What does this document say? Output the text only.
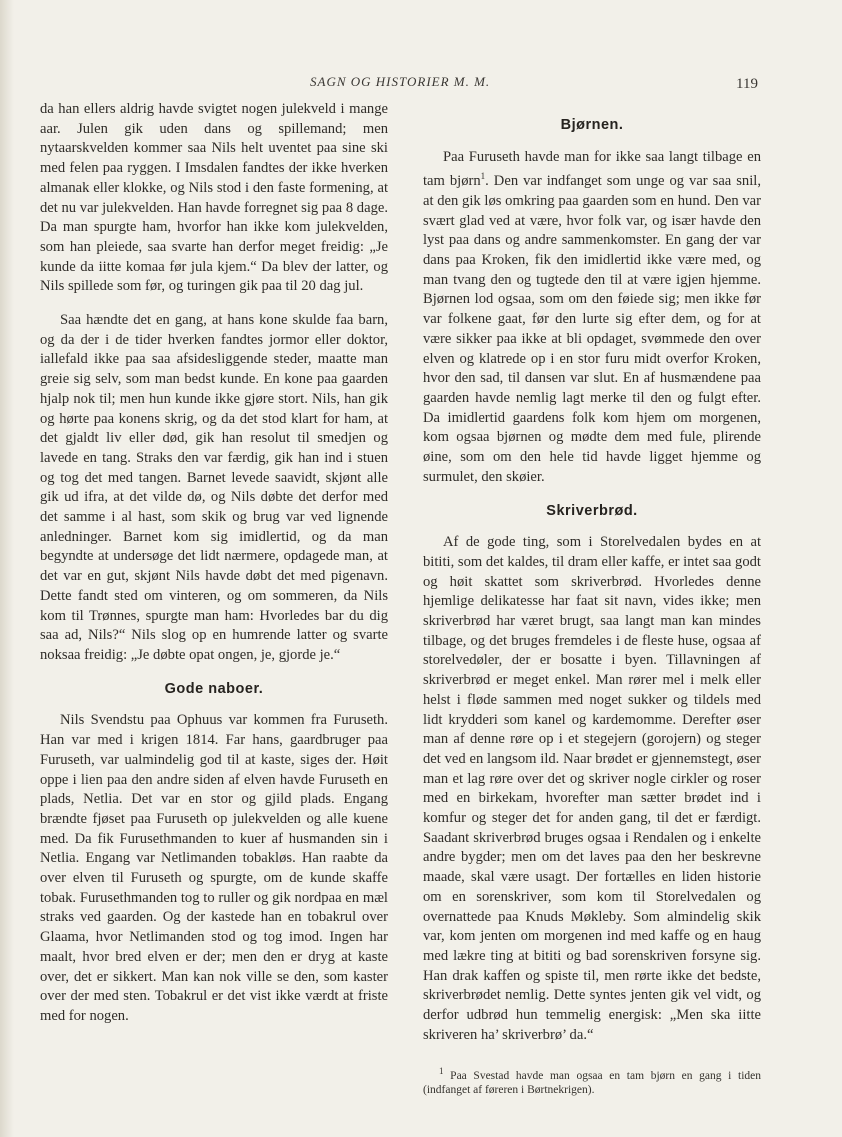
SAGN OG HISTORIER M. M.	119

da han ellers aldrig havde svigtet nogen julekveld i mange aar. Julen gik uden dans og spillemand; men nytaarskvelden kommer saa Nils helt uventet paa sine ski med felen paa ryggen. I Imsdalen fandtes der ikke hverken almanak eller klokke, og Nils stod i den faste formening, at det nu var julekvelden. Han havde forregnet sig paa 8 dage. Da man spurgte ham, hvorfor han ikke kom julekvelden, som han pleiede, saa svarte han derfor meget freidig: „Je kunde da iitte komaa før jula kjem.“ Da blev der latter, og Nils spillede som før, og turingen gik paa til 20 dag jul.

Saa hændte det en gang, at hans kone skulde faa barn, og da der i de tider hverken fandtes jormor eller doktor, iallefald ikke paa saa afsidesliggende steder, maatte man greie sig selv, som man bedst kunde. En kone paa gaarden hjalp nok til; men hun kunde ikke gjøre stort. Nils, han gik og hørte paa konens skrig, og da det stod klart for ham, at det gjaldt liv eller død, gik han resolut til smedjen og lavede en tang. Straks den var færdig, gik han ind i stuen og tog det med tangen. Barnet levede saavidt, skjønt alle gik ud ifra, at det vilde dø, og Nils døbte det derfor med det samme i al hast, som skik og brug var ved lignende anledninger. Barnet kom sig imidlertid, og da man begyndte at undersøge det lidt nærmere, opdagede man, at det var en gut, skjønt Nils havde døbt det med pigenavn. Dette fandt sted om vinteren, og om sommeren, da Nils kom til Trønnes, spurgte man ham: Hvorledes bar du dig saa ad, Nils?“ Nils slog op en humrende latter og svarte noksaa freidig: „Je døbte opat ongen, je, gjorde je.“

Gode naboer.

Nils Svendstu paa Ophuus var kommen fra Furuseth. Han var med i krigen 1814. Far hans, gaardbruger paa Furuseth, var ualmindelig god til at kaste, siges der. Høit oppe i lien paa den andre siden af elven havde Furuseth en plads, Netlia. Det var en stor og gjild plads. Engang brændte fjøset paa Furuseth op julekvelden og alle kuene med. Da fik Furusethmanden to kuer af husmanden sin i Netlia. Engang var Netlimanden tobakløs. Han raabte da over elven til Furuseth og spurgte, om de kunde skaffe tobak. Furusethmanden tog to ruller og gik nordpaa en mæl straks ved gaarden. Og der kastede han en tobakrul over Glaama, hvor Netlimanden stod og tog imod. Ingen har maalt, hvor bred elven er der; men den er dryg at kaste over, det er sikkert. Man kan nok ville se den, som kaster over der med sten. Tobakrul er det vist ikke værdt at friste med for nogen.

Bjørnen.

Paa Furuseth havde man for ikke saa langt tilbage en tam bjørn$^1$. Den var indfanget som unge og var saa snil, at den gik løs omkring paa gaarden som en hund. Den var svært glad ved at være, hvor folk var, og især havde den lyst paa dans og andre sammenkomster. En gang der var dans paa Kroken, fik den imidlertid ikke være med, og man tvang den og tugtede den til at være igjen hjemme. Bjørnen lod ogsaa, som om den føiede sig; men ikke før var folkene gaat, før den lurte sig efter dem, og for at være sikker paa ikke at bli opdaget, svømmede den over elven og klatrede op i en stor furu midt overfor Kroken, hvor den sad, til dansen var slut. En af husmændene paa gaarden havde nemlig lagt merke til den og fulgt efter. Da imidlertid gaardens folk kom hjem om morgenen, kom ogsaa bjørnen og mødte dem med fule, plirende øine, som om den hele tid havde ligget hjemme og surmulet, den skøier.

Skriverbrød.

Af de gode ting, som i Storelvedalen bydes en at bititi, som det kaldes, til dram eller kaffe, er intet saa godt og høit skattet som skriverbrød. Hvorledes denne hjemlige delikatesse har faat sit navn, vides ikke; men skriverbrød har været brugt, saa langt man kan mindes tilbage, og det bruges fremdeles i de fleste huse, ogsaa af storelvedøler, der er bosatte i byen. Tillavningen af skriverbrød er meget enkel. Man rører mel i melk eller helst i fløde sammen med noget sukker og tildels med lidt krydderi som kanel og kardemomme. Derefter øser man af denne røre op i et stegejern (gorojern) og steger det ved en langsom ild. Naar brødet er gjennemstegt, øser man et lag røre over det og skriver nogle cirkler og roser med en birkekam, hvorefter man sætter brødet ind i komfur og steger det for anden gang, til det er færdigt. Saadant skriverbrød bruges ogsaa i Rendalen og i enkelte andre bygder; men om det laves paa den her beskrevne maade, skal være usagt. Der fortælles en liden historie om en sorenskriver, som kom til Storelvedalen og overnattede paa Knuds Møkleby. Som almindelig skik var, kom jenten om morgenen ind med kaffe og en haug med lækre ting at bititi og bad sorenskriven forsyne sig. Han drak kaffen og spiste til, men rørte ikke det bedste, skriverbrødet nemlig. Dette syntes jenten gik vel vidt, og derfor udbrød hun temmelig energisk: „Men ska iitte skriveren ha’ skriverbrø’ da.“

$^1$ Paa Svestad havde man ogsaa en tam bjørn en gang i tiden (indfanget af føreren i Børtnekrigen).
